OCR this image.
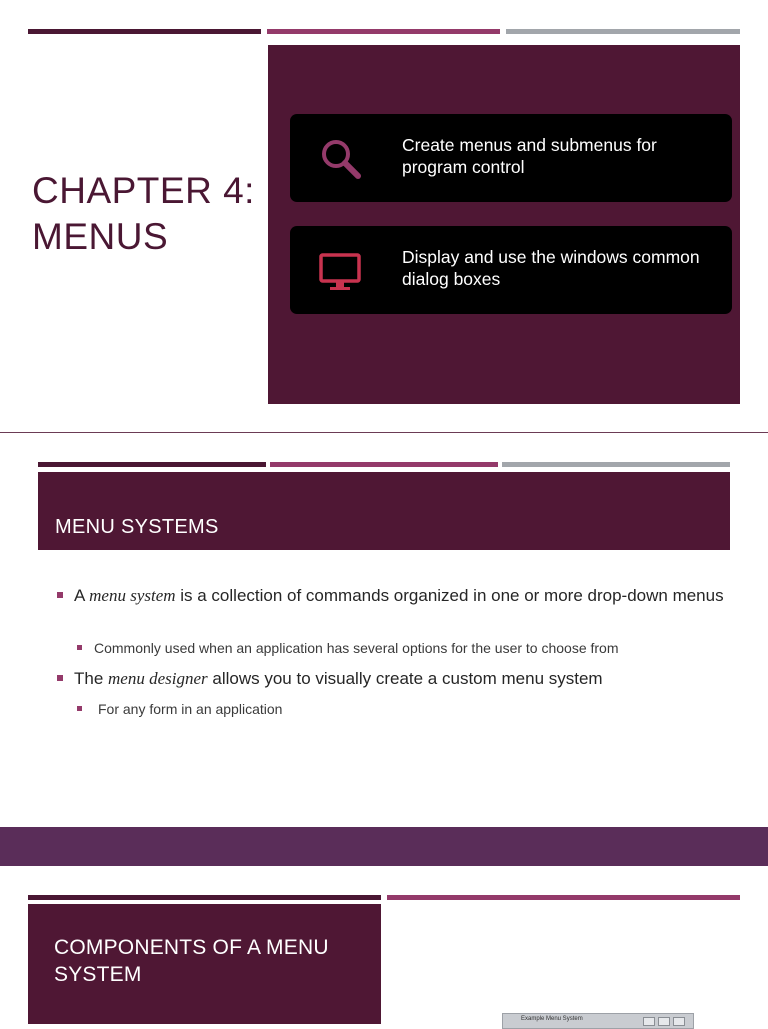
CHAPTER 4:
MENUS
Create menus and submenus for program control
Display and use the windows common dialog boxes
MENU SYSTEMS
A menu system is a collection of commands organized in one or more drop-down menus
Commonly used when an application has several options for the user to choose from
The menu designer allows you to visually create a custom menu system
For any form in an application
COMPONENTS OF A MENU SYSTEM
Example Menu System
